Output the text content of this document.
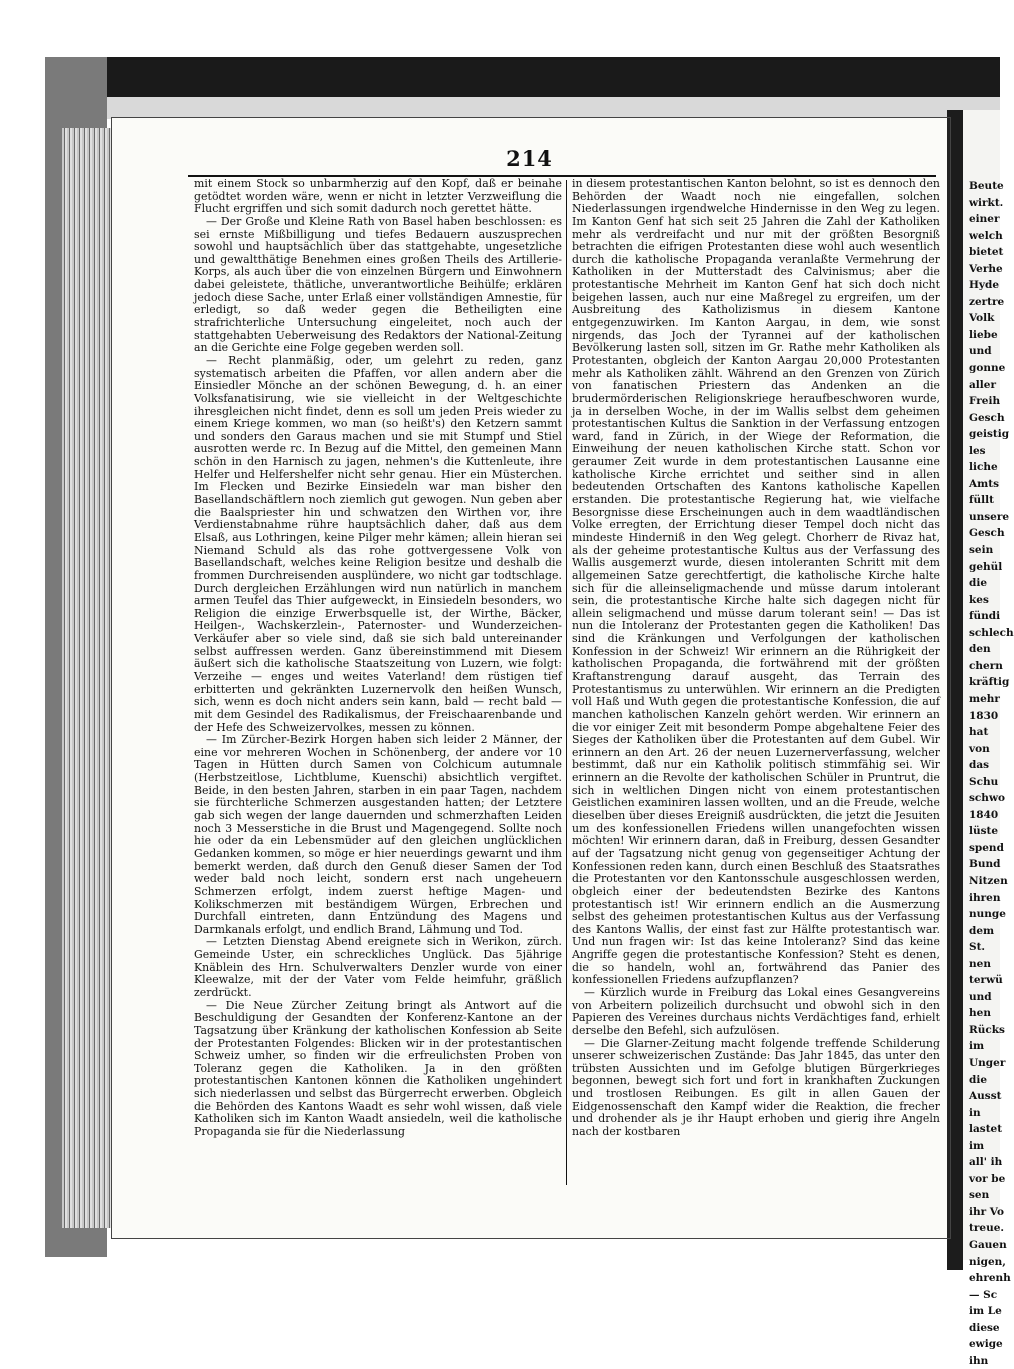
Beute
wirkt.
einer
welch
bietet
Verhe
Hyde
zertre
Volk
liebe
und
gonne
aller
Freih
Gesch
geistig
les
liche
Amts
füllt
unsere
Gesch
sein
gehül
die
kes
fündi
schlech
den
chern
kräftig
mehr
1830
hat
von
das
Schu
schwo
1840
lüste
spend
Bund
Nitzen
ihren
nunge
dem
St.
nen
terwü
und
hen
Rücks
im
Unger
die
Ausst
in
lastet
im
all' ih
vor be
sen
ihr Vo
treue.
Gauen
nigen,
ehrenh
— Sc
im Le
diese
ewige
ihn
214

mit einem Stock so unbarmherzig auf den Kopf, daß er beinahe getödtet worden wäre, wenn er nicht in letzter Verzweiflung die Flucht ergriffen und sich somit dadurch noch gerettet hätte.

— Der Große und Kleine Rath von Basel haben beschlossen: es sei ernste Mißbilligung und tiefes Bedauern auszusprechen sowohl und hauptsächlich über das stattgehabte, ungesetzliche und gewaltthätige Benehmen eines großen Theils des Artillerie-Korps, als auch über die von einzelnen Bürgern und Einwohnern dabei geleistete, thätliche, unverantwortliche Beihülfe; erklären jedoch diese Sache, unter Erlaß einer vollständigen Amnestie, für erledigt, so daß weder gegen die Betheiligten eine strafrichterliche Untersuchung eingeleitet, noch auch der stattgehabten Ueberweisung des Redaktors der National-Zeitung an die Gerichte eine Folge gegeben werden soll.

— Recht planmäßig, oder, um gelehrt zu reden, ganz systematisch arbeiten die Pfaffen, vor allen andern aber die Einsiedler Mönche an der schönen Bewegung, d. h. an einer Volksfanatisirung, wie sie vielleicht in der Weltgeschichte ihresgleichen nicht findet, denn es soll um jeden Preis wieder zu einem Kriege kommen, wo man (so heißt's) den Ketzern sammt und sonders den Garaus machen und sie mit Stumpf und Stiel ausrotten werde rc. In Bezug auf die Mittel, den gemeinen Mann schön in den Harnisch zu jagen, nehmen's die Kuttenleute, ihre Helfer und Helfershelfer nicht sehr genau. Hier ein Müsterchen. Im Flecken und Bezirke Einsiedeln war man bisher den Basellandschäftlern noch ziemlich gut gewogen. Nun geben aber die Baalspriester hin und schwatzen den Wirthen vor, ihre Verdienstabnahme rühre hauptsächlich daher, daß aus dem Elsaß, aus Lothringen, keine Pilger mehr kämen; allein hieran sei Niemand Schuld als das rohe gottvergessene Volk von Basellandschaft, welches keine Religion besitze und deshalb die frommen Durchreisenden ausplündere, wo nicht gar todtschlage. Durch dergleichen Erzählungen wird nun natürlich in manchem armen Teufel das Thier aufgeweckt, in Einsiedeln besonders, wo Religion die einzige Erwerbsquelle ist, der Wirthe, Bäcker, Heilgen-, Wachskerzlein-, Paternoster- und Wunderzeichen-Verkäufer aber so viele sind, daß sie sich bald untereinander selbst auffressen werden. Ganz übereinstimmend mit Diesem äußert sich die katholische Staatszeitung von Luzern, wie folgt: Verzeihe — enges und weites Vaterland! dem rüstigen tief erbitterten und gekränkten Luzernervolk den heißen Wunsch, sich, wenn es doch nicht anders sein kann, bald — recht bald — mit dem Gesindel des Radikalismus, der Freischaarenbande und der Hefe des Schweizervolkes, messen zu können.

— Im Zürcher-Bezirk Horgen haben sich leider 2 Männer, der eine vor mehreren Wochen in Schönenberg, der andere vor 10 Tagen in Hütten durch Samen von Colchicum autumnale (Herbstzeitlose, Lichtblume, Kuenschi) absichtlich vergiftet. Beide, in den besten Jahren, starben in ein paar Tagen, nachdem sie fürchterliche Schmerzen ausgestanden hatten; der Letztere gab sich wegen der lange dauernden und schmerzhaften Leiden noch 3 Messerstiche in die Brust und Magengegend. Sollte noch hie oder da ein Lebensmüder auf den gleichen unglücklichen Gedanken kommen, so möge er hier neuerdings gewarnt und ihm bemerkt werden, daß durch den Genuß dieser Samen der Tod weder bald noch leicht, sondern erst nach ungeheuern Schmerzen erfolgt, indem zuerst heftige Magen- und Kolikschmerzen mit beständigem Würgen, Erbrechen und Durchfall eintreten, dann Entzündung des Magens und Darmkanals erfolgt, und endlich Brand, Lähmung und Tod.

— Letzten Dienstag Abend ereignete sich in Werikon, zürch. Gemeinde Uster, ein schreckliches Unglück. Das 5jährige Knäblein des Hrn. Schulverwalters Denzler wurde von einer Kleewalze, mit der der Vater vom Felde heimfuhr, gräßlich zerdrückt.

— Die Neue Zürcher Zeitung bringt als Antwort auf die Beschuldigung der Gesandten der Konferenz-Kantone an der Tagsatzung über Kränkung der katholischen Konfession ab Seite der Protestanten Folgendes: Blicken wir in der protestantischen Schweiz umher, so finden wir die erfreulichsten Proben von Toleranz gegen die Katholiken. Ja in den größten protestantischen Kantonen können die Katholiken ungehindert sich niederlassen und selbst das Bürgerrecht erwerben. Obgleich die Behörden des Kantons Waadt es sehr wohl wissen, daß viele Katholiken sich im Kanton Waadt ansiedeln, weil die katholische Propaganda sie für die Niederlassung

in diesem protestantischen Kanton belohnt, so ist es dennoch den Behörden der Waadt noch nie eingefallen, solchen Niederlassungen irgendwelche Hindernisse in den Weg zu legen. Im Kanton Genf hat sich seit 25 Jahren die Zahl der Katholiken mehr als verdreifacht und nur mit der größten Besorgniß betrachten die eifrigen Protestanten diese wohl auch wesentlich durch die katholische Propaganda veranlaßte Vermehrung der Katholiken in der Mutterstadt des Calvinismus; aber die protestantische Mehrheit im Kanton Genf hat sich doch nicht beigehen lassen, auch nur eine Maßregel zu ergreifen, um der Ausbreitung des Katholizismus in diesem Kantone entgegenzuwirken. Im Kanton Aargau, in dem, wie sonst nirgends, das Joch der Tyrannei auf der katholischen Bevölkerung lasten soll, sitzen im Gr. Rathe mehr Katholiken als Protestanten, obgleich der Kanton Aargau 20,000 Protestanten mehr als Katholiken zählt. Während an den Grenzen von Zürich von fanatischen Priestern das Andenken an die brudermörderischen Religionskriege heraufbeschworen wurde, ja in derselben Woche, in der im Wallis selbst dem geheimen protestantischen Kultus die Sanktion in der Verfassung entzogen ward, fand in Zürich, in der Wiege der Reformation, die Einweihung der neuen katholischen Kirche statt. Schon vor geraumer Zeit wurde in dem protestantischen Lausanne eine katholische Kirche errichtet und seither sind in allen bedeutenden Ortschaften des Kantons katholische Kapellen erstanden. Die protestantische Regierung hat, wie vielfache Besorgnisse diese Erscheinungen auch in dem waadtländischen Volke erregten, der Errichtung dieser Tempel doch nicht das mindeste Hinderniß in den Weg gelegt. Chorherr de Rivaz hat, als der geheime protestantische Kultus aus der Verfassung des Wallis ausgemerzt wurde, diesen intoleranten Schritt mit dem allgemeinen Satze gerechtfertigt, die katholische Kirche halte sich für die alleinseligmachende und müsse darum intolerant sein, die protestantische Kirche halte sich dagegen nicht für allein seligmachend und müsse darum tolerant sein! — Das ist nun die Intoleranz der Protestanten gegen die Katholiken! Das sind die Kränkungen und Verfolgungen der katholischen Konfession in der Schweiz! Wir erinnern an die Rührigkeit der katholischen Propaganda, die fortwährend mit der größten Kraftanstrengung darauf ausgeht, das Terrain des Protestantismus zu unterwühlen. Wir erinnern an die Predigten voll Haß und Wuth gegen die protestantische Konfession, die auf manchen katholischen Kanzeln gehört werden. Wir erinnern an die vor einiger Zeit mit besonderm Pompe abgehaltene Feier des Sieges der Katholiken über die Protestanten auf dem Gubel. Wir erinnern an den Art. 26 der neuen Luzernerverfassung, welcher bestimmt, daß nur ein Katholik politisch stimmfähig sei. Wir erinnern an die Revolte der katholischen Schüler in Pruntrut, die sich in weltlichen Dingen nicht von einem protestantischen Geistlichen examiniren lassen wollten, und an die Freude, welche dieselben über dieses Ereigniß ausdrückten, die jetzt die Jesuiten um des konfessionellen Friedens willen unangefochten wissen möchten! Wir erinnern daran, daß in Freiburg, dessen Gesandter auf der Tagsatzung nicht genug von gegenseitiger Achtung der Konfessionen reden kann, durch einen Beschluß des Staatsrathes die Protestanten vor den Kantonsschule ausgeschlossen werden, obgleich einer der bedeutendsten Bezirke des Kantons protestantisch ist! Wir erinnern endlich an die Ausmerzung selbst des geheimen protestantischen Kultus aus der Verfassung des Kantons Wallis, der einst fast zur Hälfte protestantisch war. Und nun fragen wir: Ist das keine Intoleranz? Sind das keine Angriffe gegen die protestantische Konfession? Steht es denen, die so handeln, wohl an, fortwährend das Panier des konfessionellen Friedens aufzupflanzen?

— Kürzlich wurde in Freiburg das Lokal eines Gesangvereins von Arbeitern polizeilich durchsucht und obwohl sich in den Papieren des Vereines durchaus nichts Verdächtiges fand, erhielt derselbe den Befehl, sich aufzulösen.

— Die Glarner-Zeitung macht folgende treffende Schilderung unserer schweizerischen Zustände: Das Jahr 1845, das unter den trübsten Aussichten und im Gefolge blutigen Bürgerkrieges begonnen, bewegt sich fort und fort in krankhaften Zuckungen und trostlosen Reibungen. Es gilt in allen Gauen der Eidgenossenschaft den Kampf wider die Reaktion, die frecher und drohender als je ihr Haupt erhoben und gierig ihre Angeln nach der kostbaren
